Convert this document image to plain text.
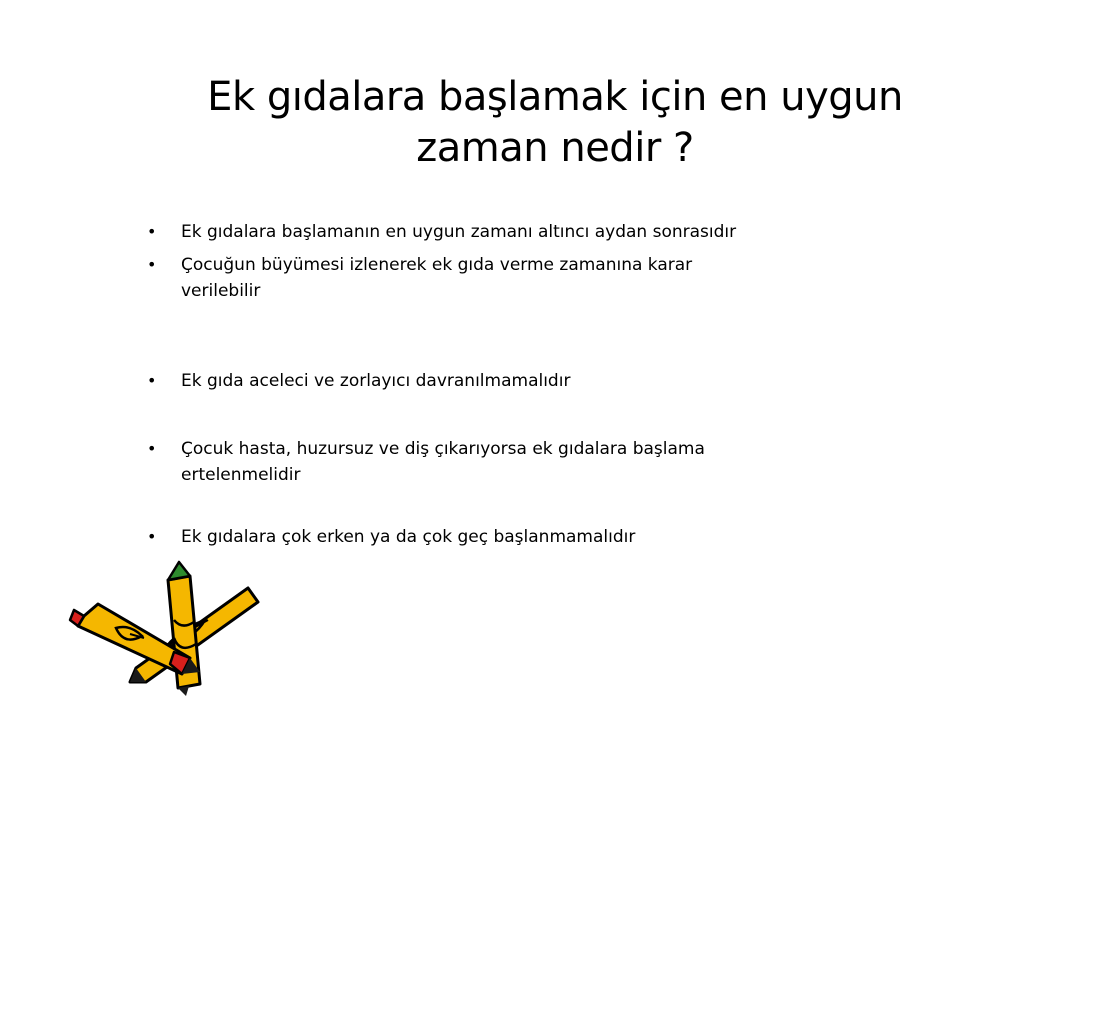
Ek gıdalara başlamak için en uygun
zaman nedir ?
• Ek gıdalara başlamanın en uygun zamanı altıncı aydan sonrasıdır
• Çocuğun büyümesi izlenerek ek gıda verme zamanına karar
verilebilir
• Ek gıda aceleci ve zorlayıcı davranılmamalıdır
• Çocuk hasta, huzursuz ve diş çıkarıyorsa ek gıdalara başlama
ertelenmelidir
• Ek gıdalara çok erken ya da çok geç başlanmamalıdır
